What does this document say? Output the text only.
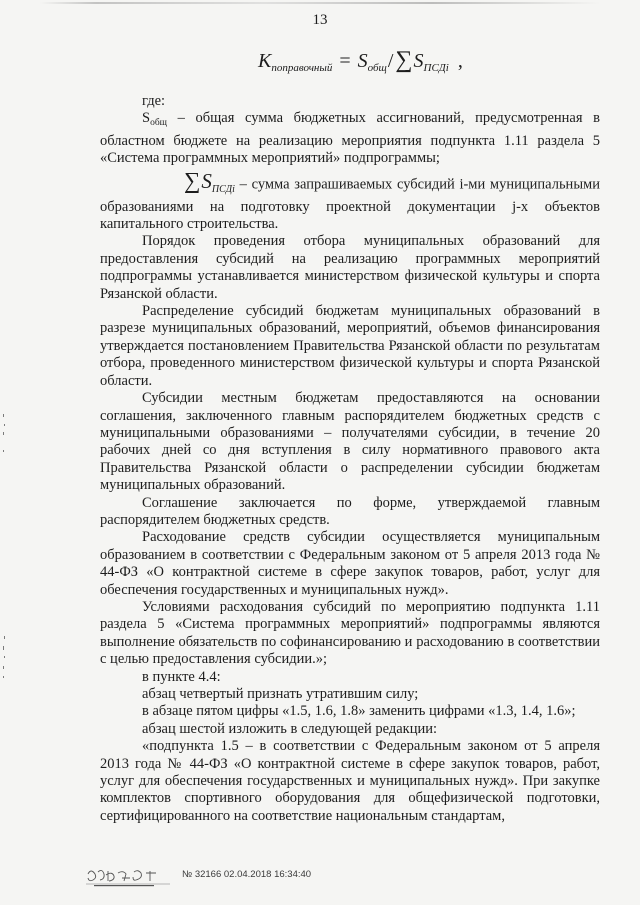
13
$K_{поправочный} = S_{общ}/\sum S_{ПСДi}$ ,

где:

$S_{общ}$ – общая сумма бюджетных ассигнований, предусмотренная в областном бюджете на реализацию мероприятия подпункта 1.11 раздела 5 «Система программных мероприятий» подпрограммы;

$\sum S_{ПСДi}$ – сумма запрашиваемых субсидий i-ми муниципальными образованиями на подготовку проектной документации j-х объектов капитального строительства.

Порядок проведения отбора муниципальных образований для предоставления субсидий на реализацию программных мероприятий подпрограммы устанавливается министерством физической культуры и спорта Рязанской области.

Распределение субсидий бюджетам муниципальных образований в разрезе муниципальных образований, мероприятий, объемов финансирования утверждается постановлением Правительства Рязанской области по результатам отбора, проведенного министерством физической культуры и спорта Рязанской области.

Субсидии местным бюджетам предоставляются на основании соглашения, заключенного главным распорядителем бюджетных средств с муниципальными образованиями – получателями субсидии, в течение 20 рабочих дней со дня вступления в силу нормативного правового акта Правительства Рязанской области о распределении субсидии бюджетам муниципальных образований.

Соглашение заключается по форме, утверждаемой главным распорядителем бюджетных средств.

Расходование средств субсидии осуществляется муниципальным образованием в соответствии с Федеральным законом от 5 апреля 2013 года № 44-ФЗ «О контрактной системе в сфере закупок товаров, работ, услуг для обеспечения государственных и муниципальных нужд».

Условиями расходования субсидий по мероприятию подпункта 1.11 раздела 5 «Система программных мероприятий» подпрограммы являются выполнение обязательств по софинансированию и расходованию в соответствии с целью предоставления субсидии.»;

в пункте 4.4:

абзац четвертый признать утратившим силу;

в абзаце пятом цифры «1.5, 1.6, 1.8» заменить цифрами «1.3, 1.4, 1.6»;

абзац шестой изложить в следующей редакции:

«подпункта 1.5 – в соответствии с Федеральным законом от 5 апреля 2013 года № 44-ФЗ «О контрактной системе в сфере закупок товаров, работ, услуг для обеспечения государственных и муниципальных нужд». При закупке комплектов спортивного оборудования для общефизической подготовки, сертифицированного на соответствие национальным стандартам,

№ 32166 02.04.2018 16:34:40
